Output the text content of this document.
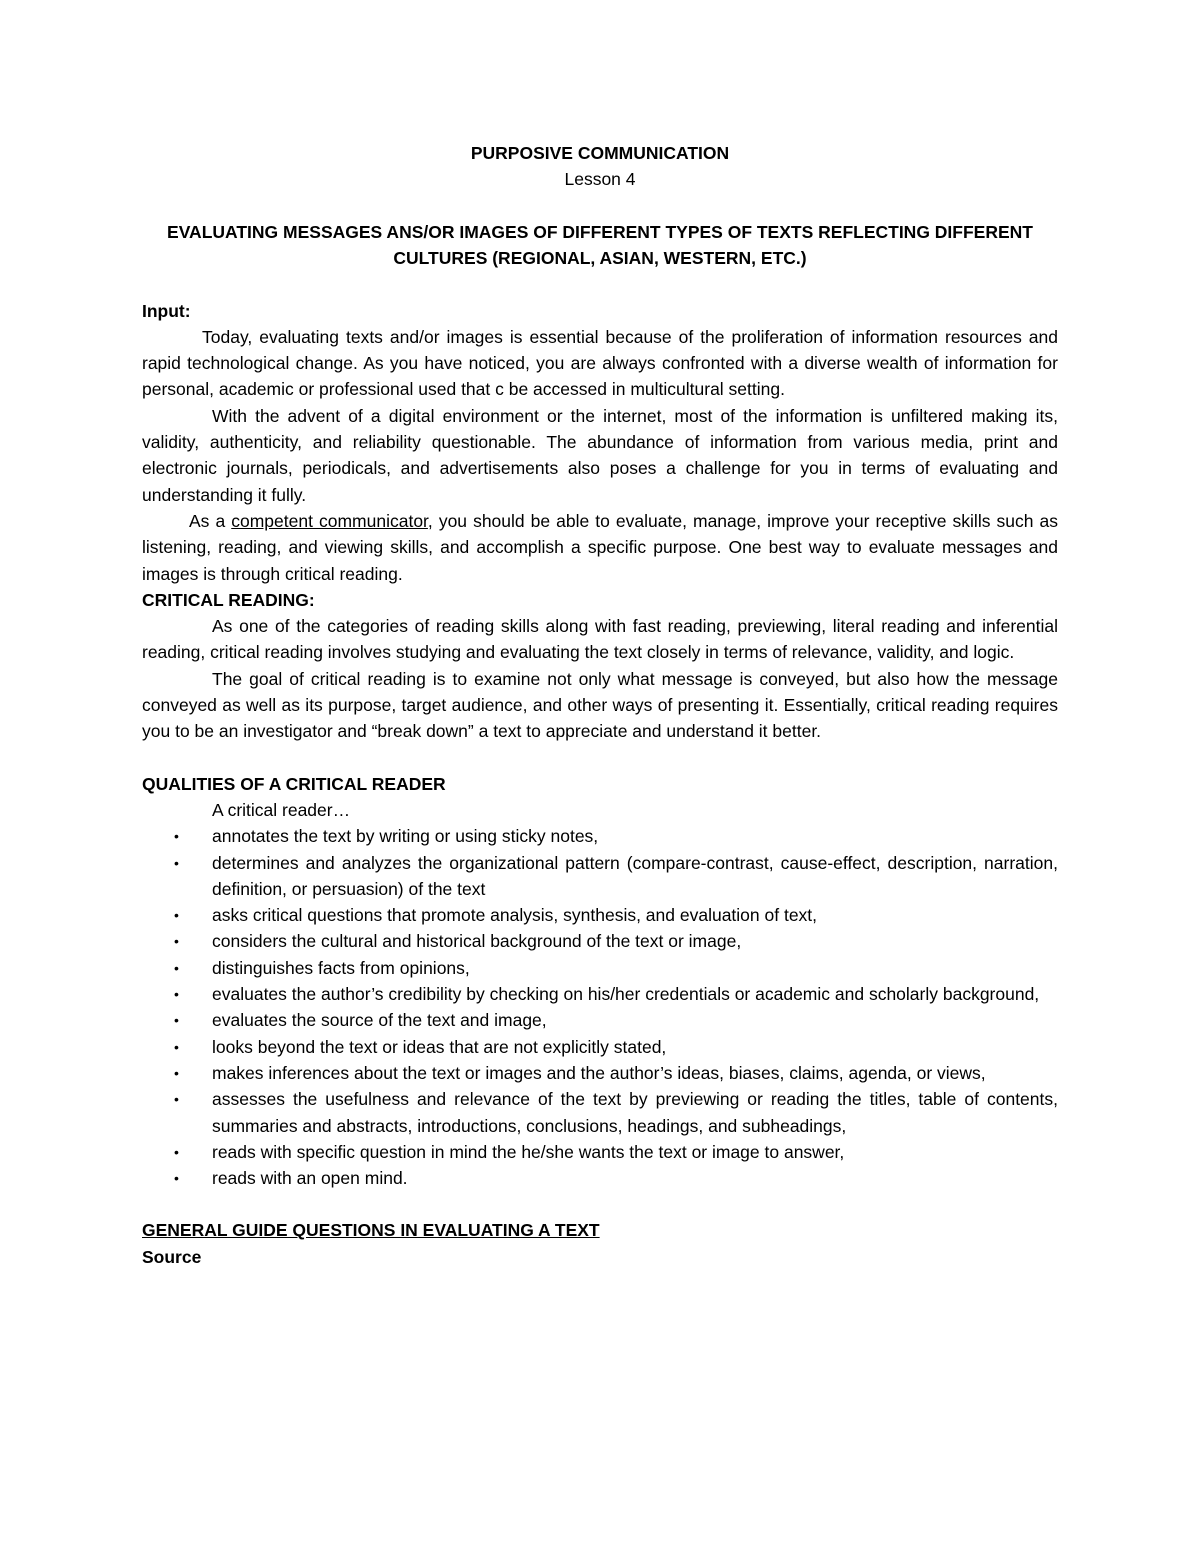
PURPOSIVE COMMUNICATION
Lesson 4
EVALUATING MESSAGES ANS/OR IMAGES OF DIFFERENT TYPES OF TEXTS REFLECTING DIFFERENT
CULTURES (REGIONAL, ASIAN, WESTERN, ETC.)
Input:

Today, evaluating texts and/or images is essential because of the proliferation of information resources and rapid technological change. As you have noticed, you are always confronted with a diverse wealth of information for personal, academic or professional used that c be accessed in multicultural setting.

With the advent of a digital environment or the internet, most of the information is unfiltered making its, validity, authenticity, and reliability questionable. The abundance of information from various media, print and electronic journals, periodicals, and advertisements also poses a challenge for you in terms of evaluating and understanding it fully.

As a competent communicator, you should be able to evaluate, manage, improve your receptive skills such as listening, reading, and viewing skills, and accomplish a specific purpose. One best way to evaluate messages and images is through critical reading.

CRITICAL READING:

As one of the categories of reading skills along with fast reading, previewing, literal reading and inferential reading, critical reading involves studying and evaluating the text closely in terms of relevance, validity, and logic.

The goal of critical reading is to examine not only what message is conveyed, but also how the message conveyed as well as its purpose, target audience, and other ways of presenting it. Essentially, critical reading requires you to be an investigator and “break down” a text to appreciate and understand it better.

QUALITIES OF A CRITICAL READER
A critical reader…
• annotates the text by writing or using sticky notes,
• determines and analyzes the organizational pattern (compare-contrast, cause-effect, description, narration, definition, or persuasion) of the text
• asks critical questions that promote analysis, synthesis, and evaluation of text,
• considers the cultural and historical background of the text or image,
• distinguishes facts from opinions,
• evaluates the author’s credibility by checking on his/her credentials or academic and scholarly background,
• evaluates the source of the text and image,
• looks beyond the text or ideas that are not explicitly stated,
• makes inferences about the text or images and the author’s ideas, biases, claims, agenda, or views,
• assesses the usefulness and relevance of the text by previewing or reading the titles, table of contents, summaries and abstracts, introductions, conclusions, headings, and subheadings,
• reads with specific question in mind the he/she wants the text or image to answer,
• reads with an open mind.
GENERAL GUIDE QUESTIONS IN EVALUATING A TEXT
Source
